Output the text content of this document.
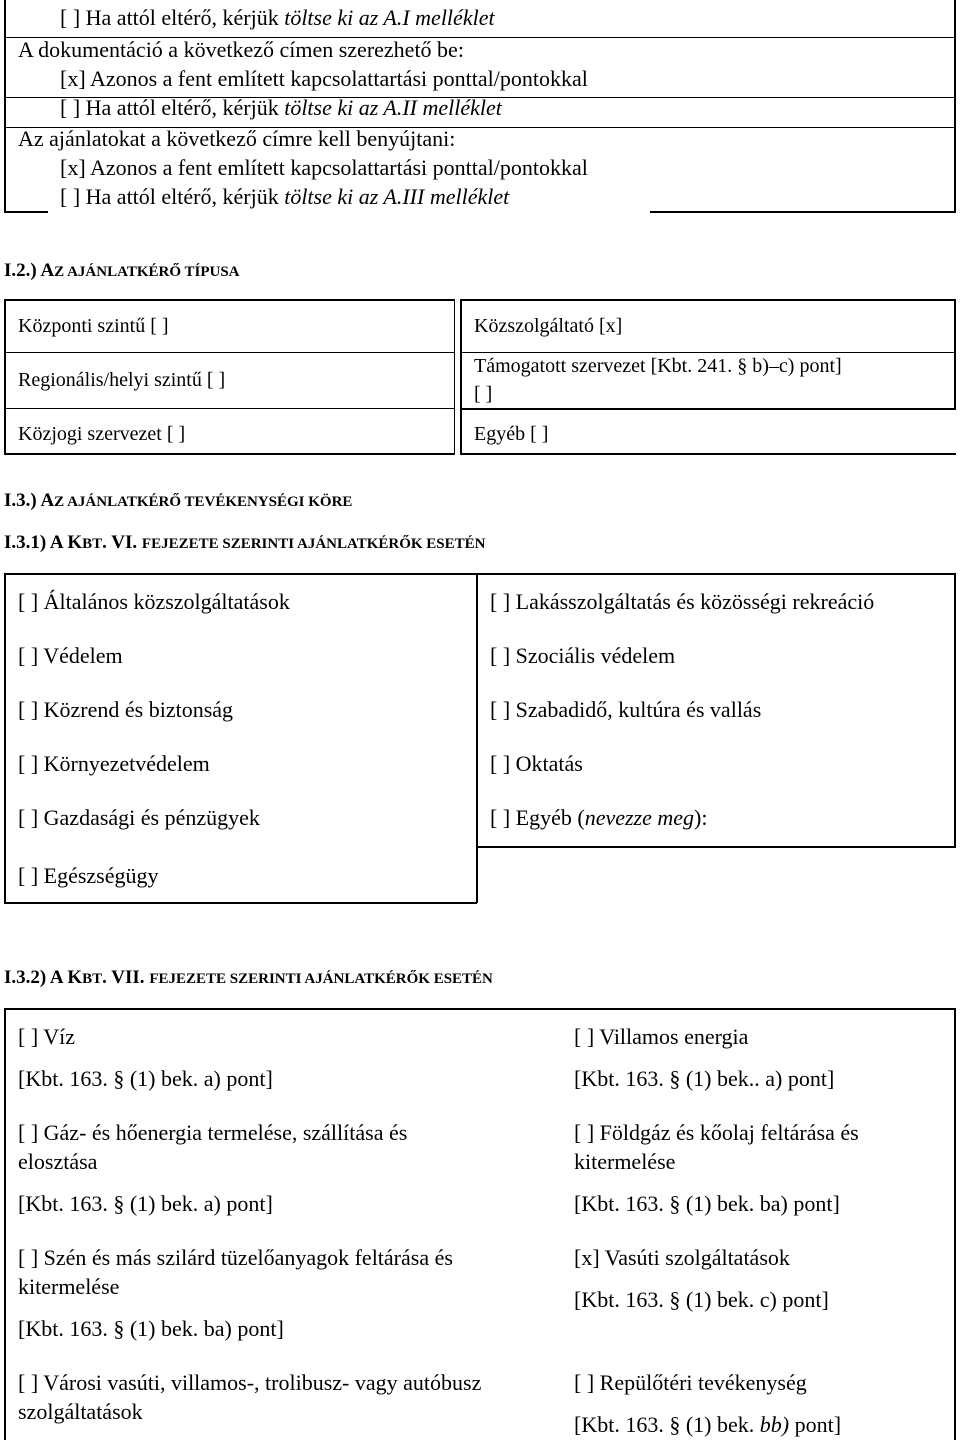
[ ] Ha attól eltérő, kérjük töltse ki az A.I melléklet
A dokumentáció a következő címen szerezhető be:
[x] Azonos a fent említett kapcsolattartási ponttal/pontokkal
[ ] Ha attól eltérő, kérjük töltse ki az A.II melléklet
Az ajánlatokat a következő címre kell benyújtani:
[x] Azonos a fent említett kapcsolattartási ponttal/pontokkal
[ ] Ha attól eltérő, kérjük töltse ki az A.III melléklet
I.2.) AZ AJÁNLATKÉRŐ TÍPUSA
Központi szintű [ ]	Közszolgáltató [x]
Regionális/helyi szintű [ ]
Támogatott szervezet [Kbt. 241. § b)–c) pont]
[ ]
Közjogi szervezet [ ]	Egyéb [ ]
I.3.) AZ AJÁNLATKÉRŐ TEVÉKENYSÉGI KÖRE
I.3.1) A KBT. VI. FEJEZETE SZERINTI AJÁNLATKÉRŐK ESETÉN
[ ] Általános közszolgáltatások
[ ] Védelem
[ ] Közrend és biztonság
[ ] Környezetvédelem
[ ] Gazdasági és pénzügyek
[ ] Egészségügy
[ ] Lakásszolgáltatás és közösségi rekreáció
[ ] Szociális védelem
[ ] Szabadidő, kultúra és vallás
[ ] Oktatás
[ ] Egyéb (nevezze meg):
I.3.2) A KBT. VII. FEJEZETE SZERINTI AJÁNLATKÉRŐK ESETÉN
[ ] Víz
[Kbt. 163. § (1) bek. a) pont]
[ ] Gáz- és hőenergia termelése, szállítása és
elosztása
[Kbt. 163. § (1) bek. a) pont]
[ ] Szén és más szilárd tüzelőanyagok feltárása és
kitermelése
[Kbt. 163. § (1) bek. ba) pont]
[ ] Városi vasúti, villamos-, trolibusz- vagy autóbusz
szolgáltatások
[ ] Villamos energia
[Kbt. 163. § (1) bek.. a) pont]
[ ] Földgáz és kőolaj feltárása és
kitermelése
[Kbt. 163. § (1) bek. ba) pont]
[x] Vasúti szolgáltatások
[Kbt. 163. § (1) bek. c) pont]
[ ] Repülőtéri tevékenység
[Kbt. 163. § (1) bek. bb) pont]
